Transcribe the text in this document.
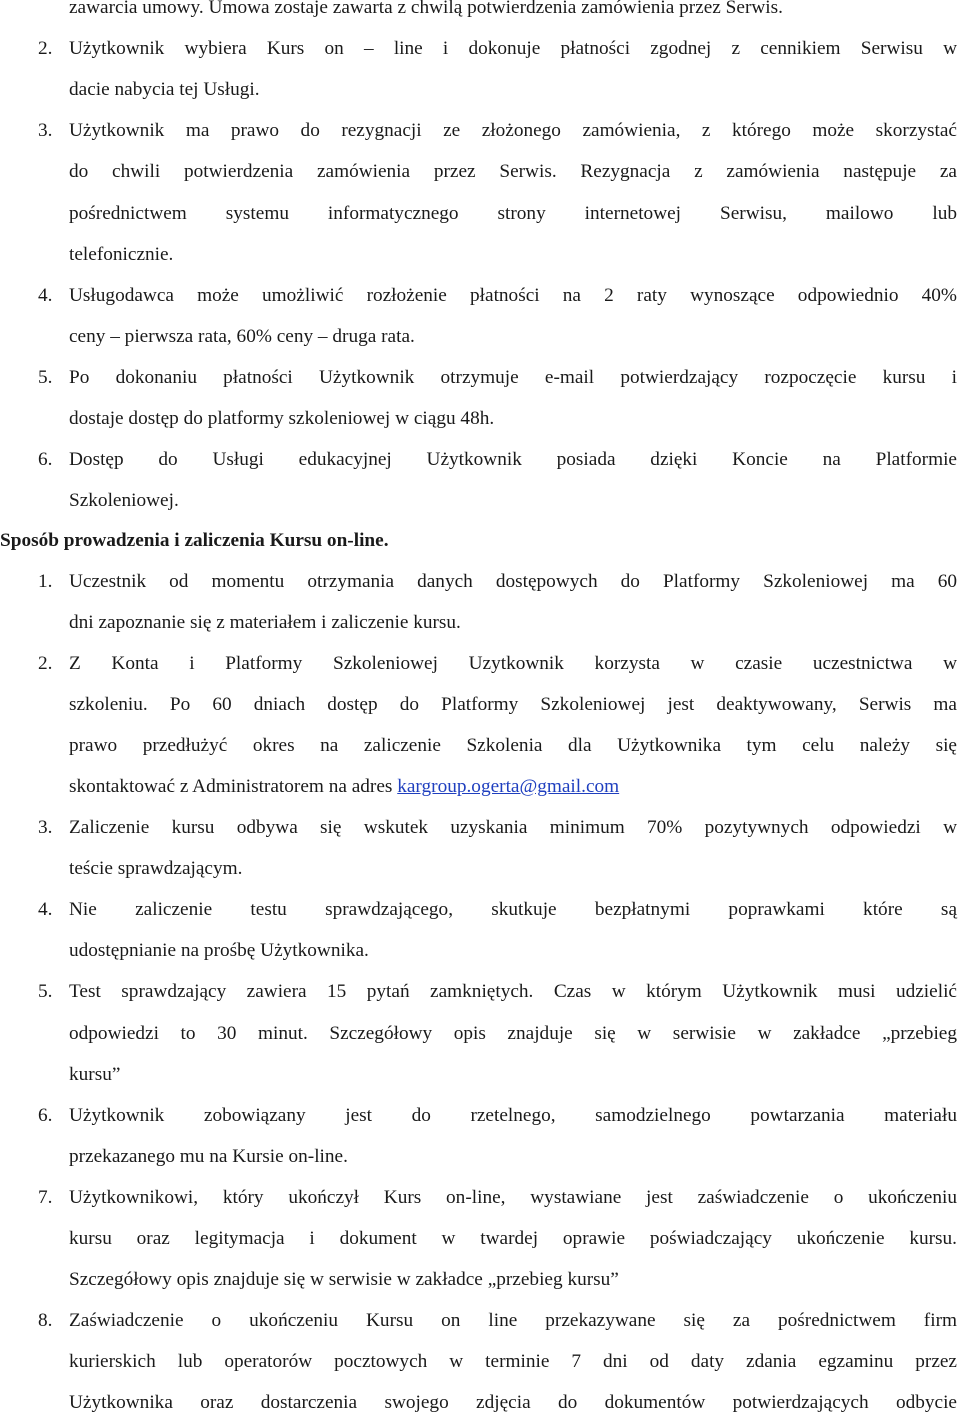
zawarcia umowy. Umowa zostaje zawarta z chwilą potwierdzenia zamówienia przez Serwis.
2. Użytkownik wybiera Kurs on – line i dokonuje płatności zgodnej z cennikiem Serwisu w
dacie nabycia tej Usługi.
3. Użytkownik ma prawo do rezygnacji ze złożonego zamówienia, z którego może skorzystać
do chwili potwierdzenia zamówienia przez Serwis. Rezygnacja z zamówienia następuje za
pośrednictwem systemu informatycznego strony internetowej Serwisu, mailowo lub
telefonicznie.
4. Usługodawca może umożliwić rozłożenie płatności na 2 raty wynoszące odpowiednio 40%
ceny – pierwsza rata, 60% ceny – druga rata.
5. Po dokonaniu płatności Użytkownik otrzymuje e-mail potwierdzający rozpoczęcie kursu i
dostaje dostęp do platformy szkoleniowej w ciągu 48h.
6. Dostęp do Usługi edukacyjnej Użytkownik posiada dzięki Koncie na Platformie
Szkoleniowej.
Sposób prowadzenia i zaliczenia Kursu on-line.
1. Uczestnik od momentu otrzymania danych dostępowych do Platformy Szkoleniowej ma 60
dni zapoznanie się z materiałem i zaliczenie kursu.
2. Z Konta i Platformy Szkoleniowej Uzytkownik korzysta w czasie uczestnictwa w
szkoleniu. Po 60 dniach dostęp do Platformy Szkoleniowej jest deaktywowany, Serwis ma
prawo przedłużyć okres na zaliczenie Szkolenia dla Użytkownika tym celu należy się
skontaktować z Administratorem na adres kargroup.ogerta@gmail.com
3. Zaliczenie kursu odbywa się wskutek uzyskania minimum 70% pozytywnych odpowiedzi w
teście sprawdzającym.
4. Nie zaliczenie testu sprawdzającego, skutkuje bezpłatnymi poprawkami które są
udostępnianie na prośbę Użytkownika.
5. Test sprawdzający zawiera 15 pytań zamkniętych. Czas w którym Użytkownik musi udzielić
odpowiedzi to 30 minut. Szczegółowy opis znajduje się w serwisie w zakładce „przebieg
kursu”
6. Użytkownik zobowiązany jest do rzetelnego, samodzielnego powtarzania materiału
przekazanego mu na Kursie on-line.
7. Użytkownikowi, który ukończył Kurs on-line, wystawiane jest zaświadczenie o ukończeniu
kursu oraz legitymacja i dokument w twardej oprawie poświadczający ukończenie kursu.
Szczegółowy opis znajduje się w serwisie w zakładce „przebieg kursu”
8. Zaświadczenie o ukończeniu Kursu on line przekazywane się za pośrednictwem firm
kurierskich lub operatorów pocztowych w terminie 7 dni od daty zdania egzaminu przez
Użytkownika oraz dostarczenia swojego zdjęcia do dokumentów potwierdzających odbycie
